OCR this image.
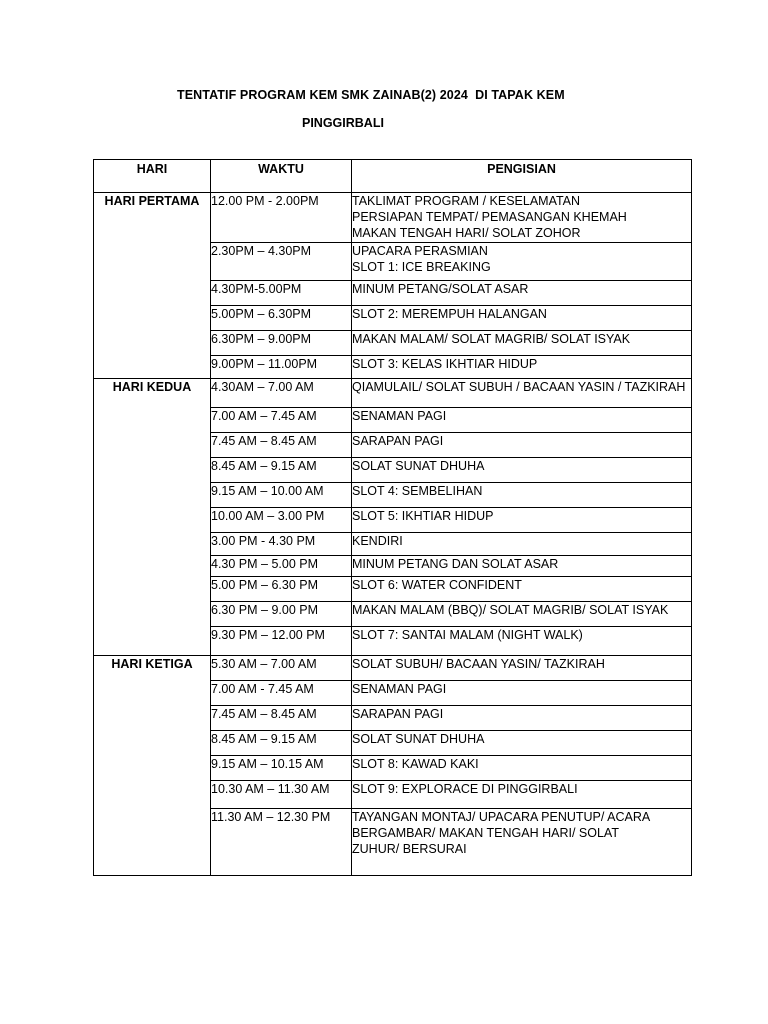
TENTATIF PROGRAM KEM SMK ZAINAB(2) 2024  DI TAPAK KEM
PINGGIRBALI
HARI	WAKTU	PENGISIAN
HARI PERTAMA	12.00 PM - 2.00PM	TAKLIMAT PROGRAM / KESELAMATAN
PERSIAPAN TEMPAT/ PEMASANGAN KHEMAH
MAKAN TENGAH HARI/ SOLAT ZOHOR

	2.30PM – 4.30PM	UPACARA PERASMIAN
SLOT 1: ICE BREAKING

	4.30PM-5.00PM	MINUM PETANG/SOLAT ASAR

	5.00PM – 6.30PM	SLOT 2: MEREMPUH HALANGAN

	6.30PM – 9.00PM	MAKAN MALAM/ SOLAT MAGRIB/ SOLAT ISYAK

	9.00PM – 11.00PM	SLOT 3: KELAS IKHTIAR HIDUP

HARI KEDUA	4.30AM – 7.00 AM	QIAMULAIL/ SOLAT SUBUH / BACAAN YASIN / TAZKIRAH

	7.00 AM – 7.45 AM	SENAMAN PAGI

	7.45 AM – 8.45 AM	SARAPAN PAGI

	8.45 AM – 9.15 AM	SOLAT SUNAT DHUHA

	9.15 AM – 10.00 AM	SLOT 4: SEMBELIHAN

	10.00 AM – 3.00 PM	SLOT 5: IKHTIAR HIDUP

	3.00 PM - 4.30 PM	KENDIRI

	4.30 PM – 5.00 PM	MINUM PETANG DAN SOLAT ASAR

	5.00 PM – 6.30 PM	SLOT 6: WATER CONFIDENT

	6.30 PM – 9.00 PM	MAKAN MALAM (BBQ)/ SOLAT MAGRIB/ SOLAT ISYAK

	9.30 PM – 12.00 PM	SLOT 7: SANTAI MALAM (NIGHT WALK)

HARI KETIGA	5.30 AM – 7.00 AM	SOLAT SUBUH/ BACAAN YASIN/ TAZKIRAH

	7.00 AM - 7.45 AM	SENAMAN PAGI

	7.45 AM – 8.45 AM	SARAPAN PAGI

	8.45 AM – 9.15 AM	SOLAT SUNAT DHUHA

	9.15 AM – 10.15 AM	SLOT 8: KAWAD KAKI

	10.30 AM – 11.30 AM	SLOT 9: EXPLORACE DI PINGGIRBALI

	11.30 AM – 12.30 PM	TAYANGAN MONTAJ/ UPACARA PENUTUP/ ACARA
BERGAMBAR/ MAKAN TENGAH HARI/ SOLAT
ZUHUR/ BERSURAI
